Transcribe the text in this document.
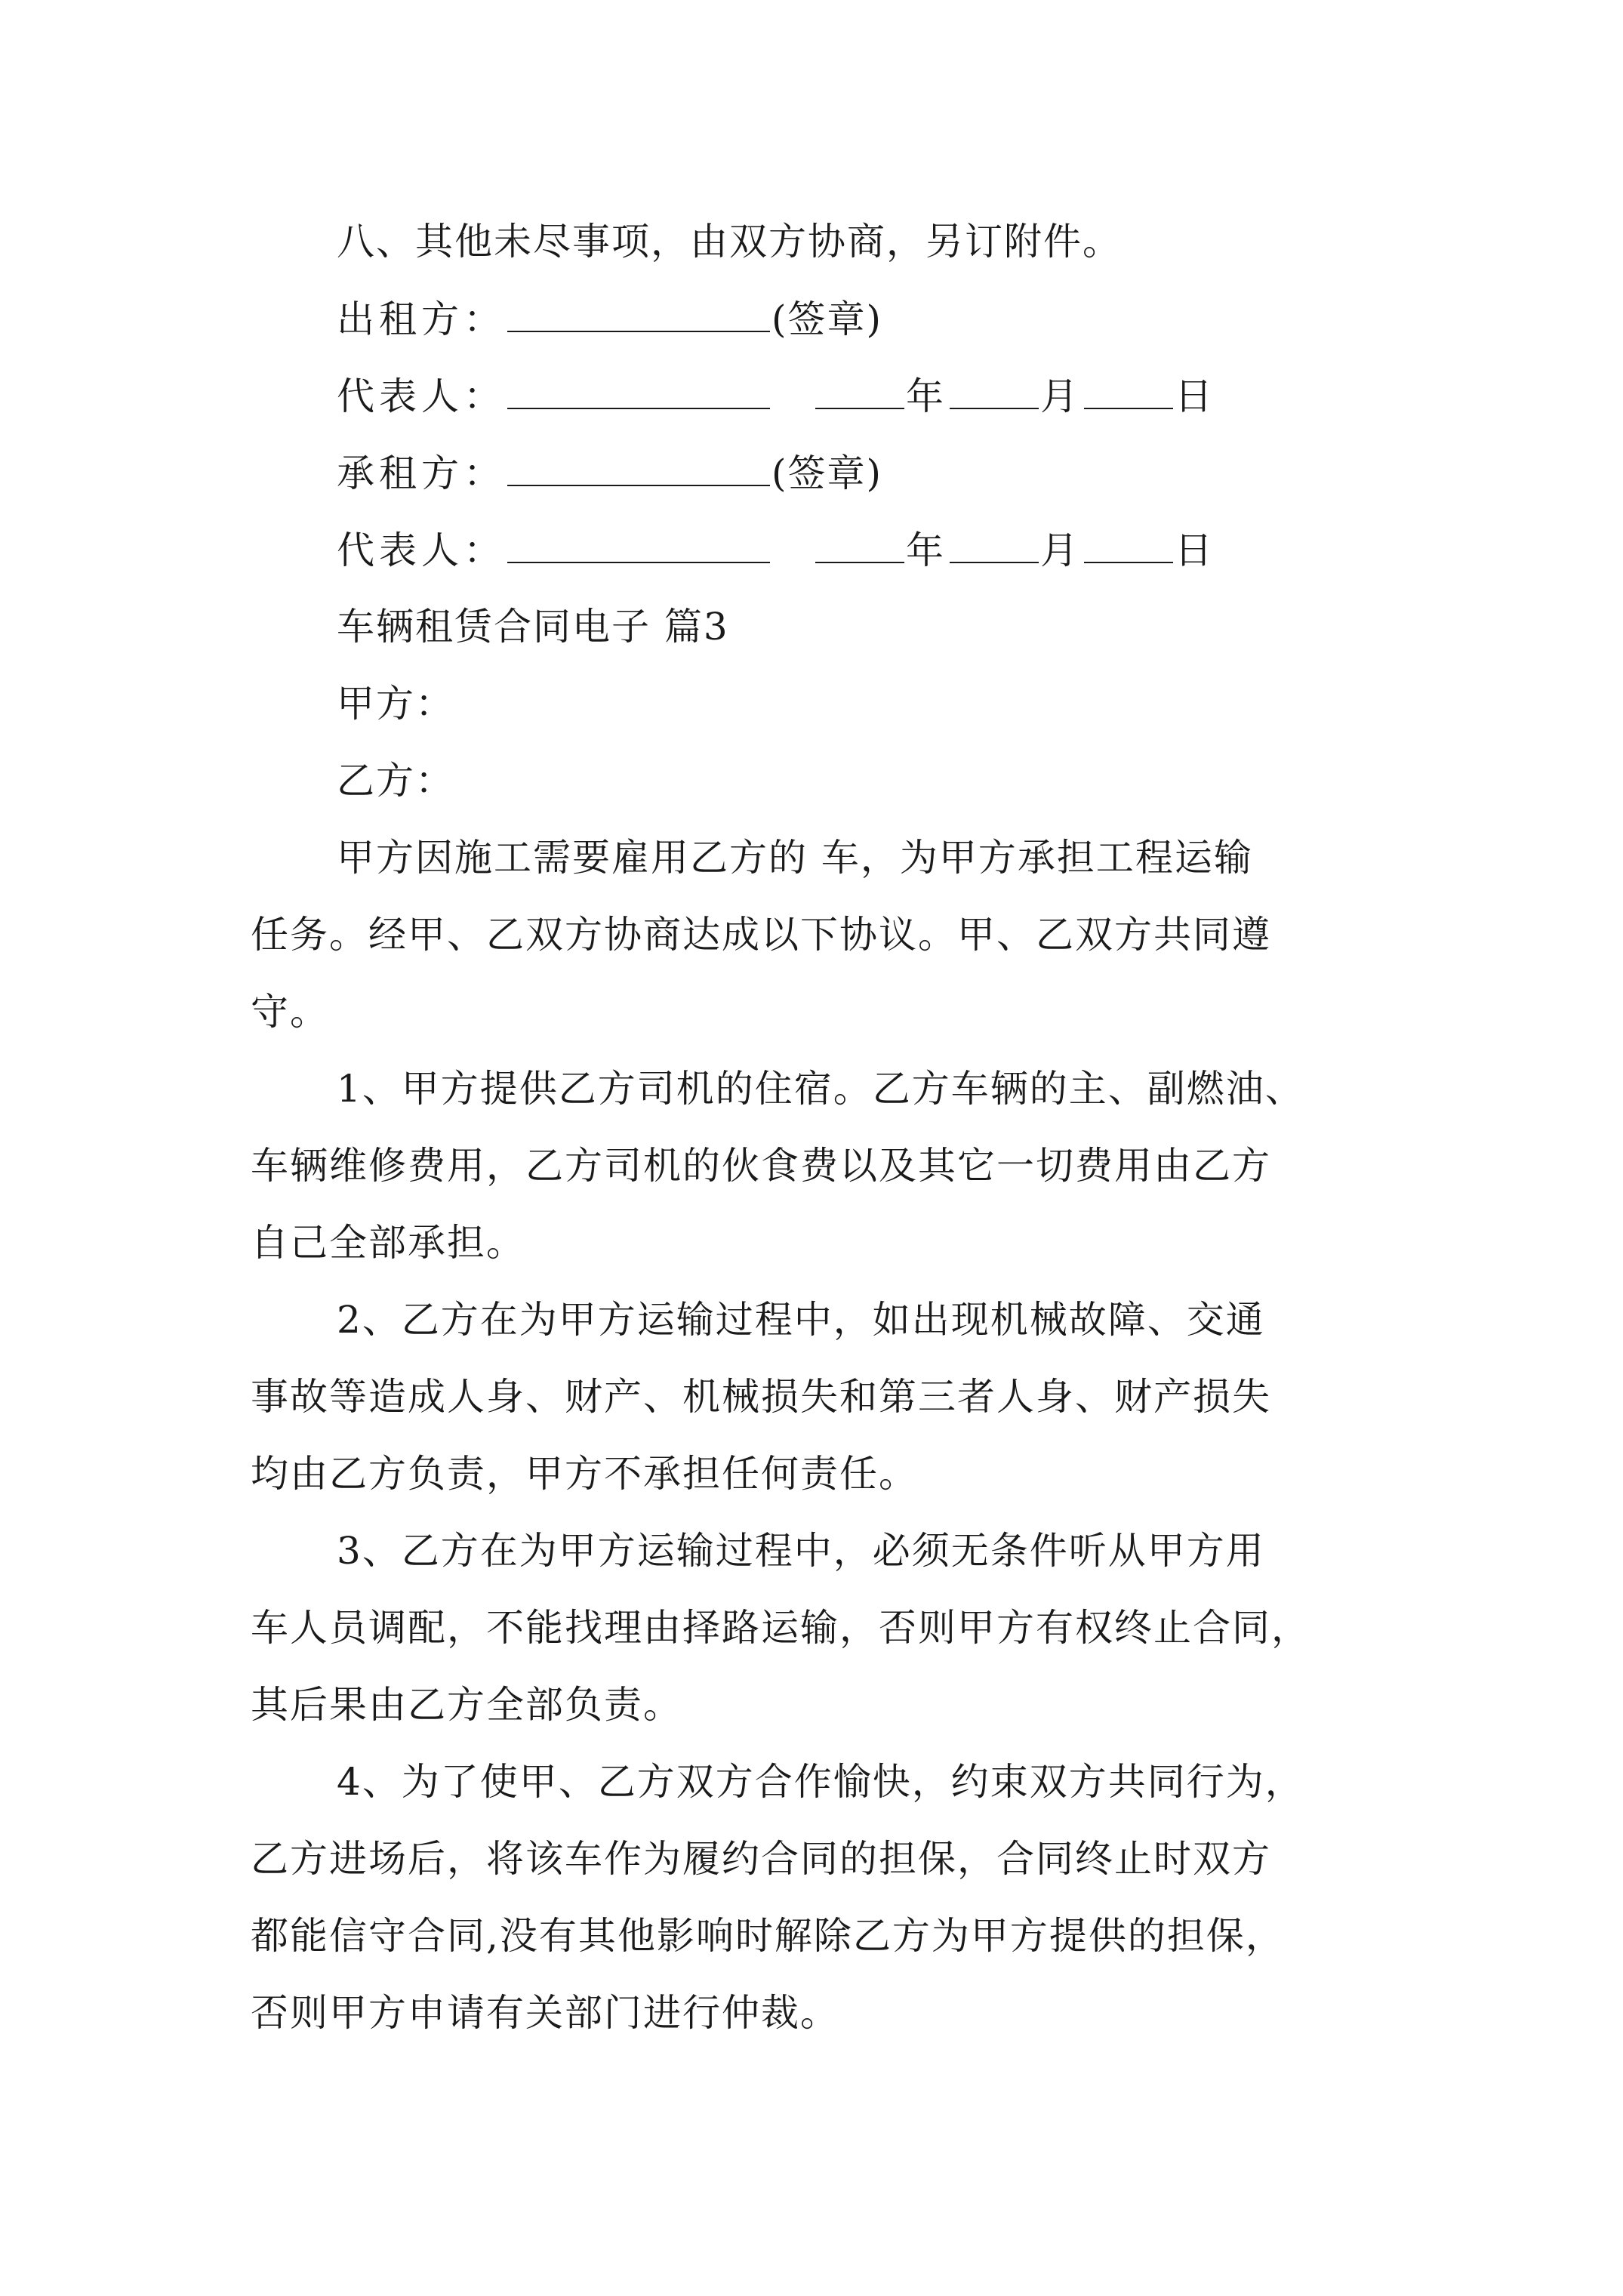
八、其他未尽事项，由双方协商，另订附件。
出租方：	(签章)
代表人：	年	月	日
承租方：	(签章)
代表人：	年	月	日
车辆租赁合同电子 篇3
甲方：
乙方：
甲方因施工需要雇用乙方的 车，为甲方承担工程运输
任务。经甲、乙双方协商达成以下协议。甲、乙双方共同遵
守。
1、甲方提供乙方司机的住宿。乙方车辆的主、副燃油、
车辆维修费用，乙方司机的伙食费以及其它一切费用由乙方
自己全部承担。
2、乙方在为甲方运输过程中，如出现机械故障、交通
事故等造成人身、财产、机械损失和第三者人身、财产损失
均由乙方负责，甲方不承担任何责任。
3、乙方在为甲方运输过程中，必须无条件听从甲方用
车人员调配，不能找理由择路运输，否则甲方有权终止合同，
其后果由乙方全部负责。
4、为了使甲、乙方双方合作愉快，约束双方共同行为，
乙方进场后，将该车作为履约合同的担保，合同终止时双方
都能信守合同,没有其他影响时解除乙方为甲方提供的担保，
否则甲方申请有关部门进行仲裁。
